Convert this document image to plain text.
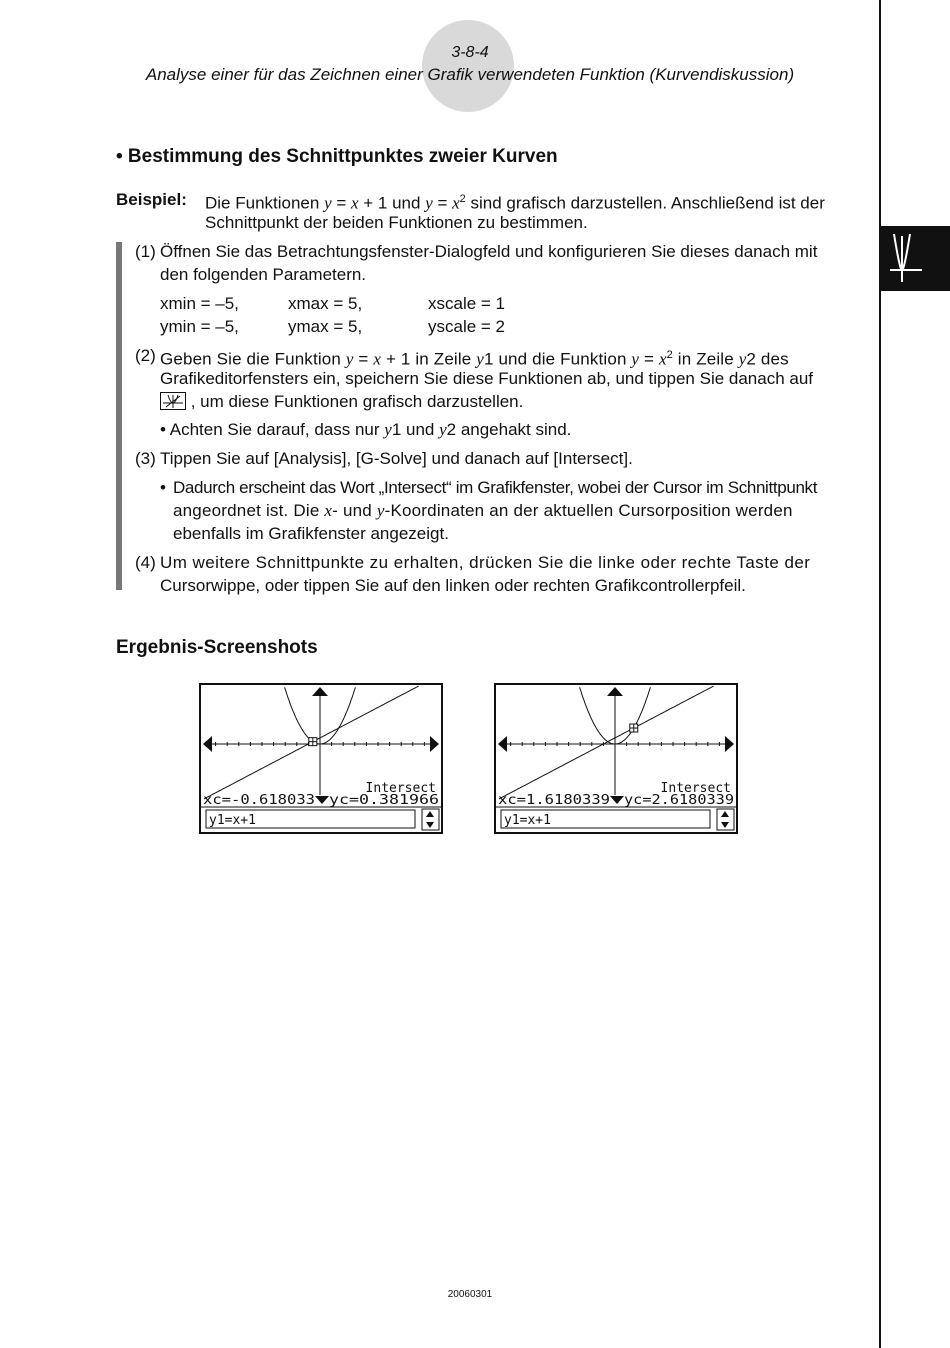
3-8-4
Analyse einer für das Zeichnen einer Grafik verwendeten Funktion (Kurvendiskussion)
• Bestimmung des Schnittpunktes zweier Kurven
Beispiel: Die Funktionen y = x + 1 und $y = x^2$ sind grafisch darzustellen. Anschließend ist der
Schnittpunkt der beiden Funktionen zu bestimmen.
(1) Öffnen Sie das Betrachtungsfenster-Dialogfeld und konfigurieren Sie dieses danach mit
den folgenden Parametern.
xmin = –5,	xmax = 5,	xscale = 1
ymin = –5,	ymax = 5,	yscale = 2
(2) Geben Sie die Funktion y = x + 1 in Zeile y1 und die Funktion $y = x^2$ in Zeile y2 des
Grafikeditorfensters ein, speichern Sie diese Funktionen ab, und tippen Sie danach auf
, um diese Funktionen grafisch darzustellen.
• Achten Sie darauf, dass nur y1 und y2 angehakt sind.
(3) Tippen Sie auf [Analysis], [G-Solve] und danach auf [Intersect].
• Dadurch erscheint das Wort „Intersect“ im Grafikfenster, wobei der Cursor im Schnittpunkt
angeordnet ist. Die x- und y-Koordinaten an der aktuellen Cursorposition werden
ebenfalls im Grafikfenster angezeigt.
(4) Um weitere Schnittpunkte zu erhalten, drücken Sie die linke oder rechte Taste der
Cursorwippe, oder tippen Sie auf den linken oder rechten Grafikcontrollerpfeil.
Ergebnis-Screenshots
Intersect
xc=-0.618033 yc=0.381966
y1=x+1
Intersect
xc=1.6180339 yc=2.6180339
y1=x+1
20060301
